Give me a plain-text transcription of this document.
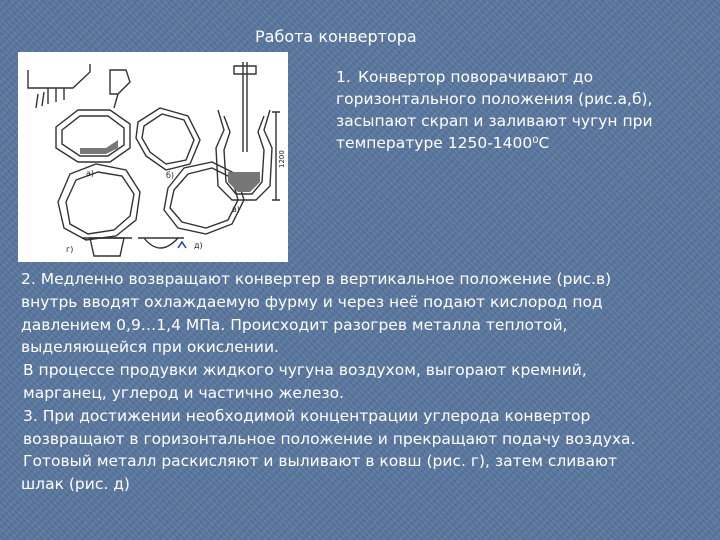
Работа конвертора
а)	б)
в)
г)	д)
1200
1. Конвертор поворачивают до
горизонтального положения (рис.а,б),
засыпают скрап и заливают чугун при
температуре 1250-1400⁰С
2. Медленно возвращают конвертер в вертикальное положение (рис.в)
внутрь вводят охлаждаемую фурму и через неё подают кислород под
давлением 0,9…1,4 МПа. Происходит разогрев металла теплотой,
выделяющейся при окислении.
В процессе продувки жидкого чугуна воздухом, выгорают кремний,
марганец, углерод и частично железо.
3. При достижении необходимой концентрации углерода конвертор
возвращают в горизонтальное положение и прекращают подачу воздуха.
Готовый металл раскисляют и выливают в ковш (рис. г), затем сливают
шлак (рис. д)
